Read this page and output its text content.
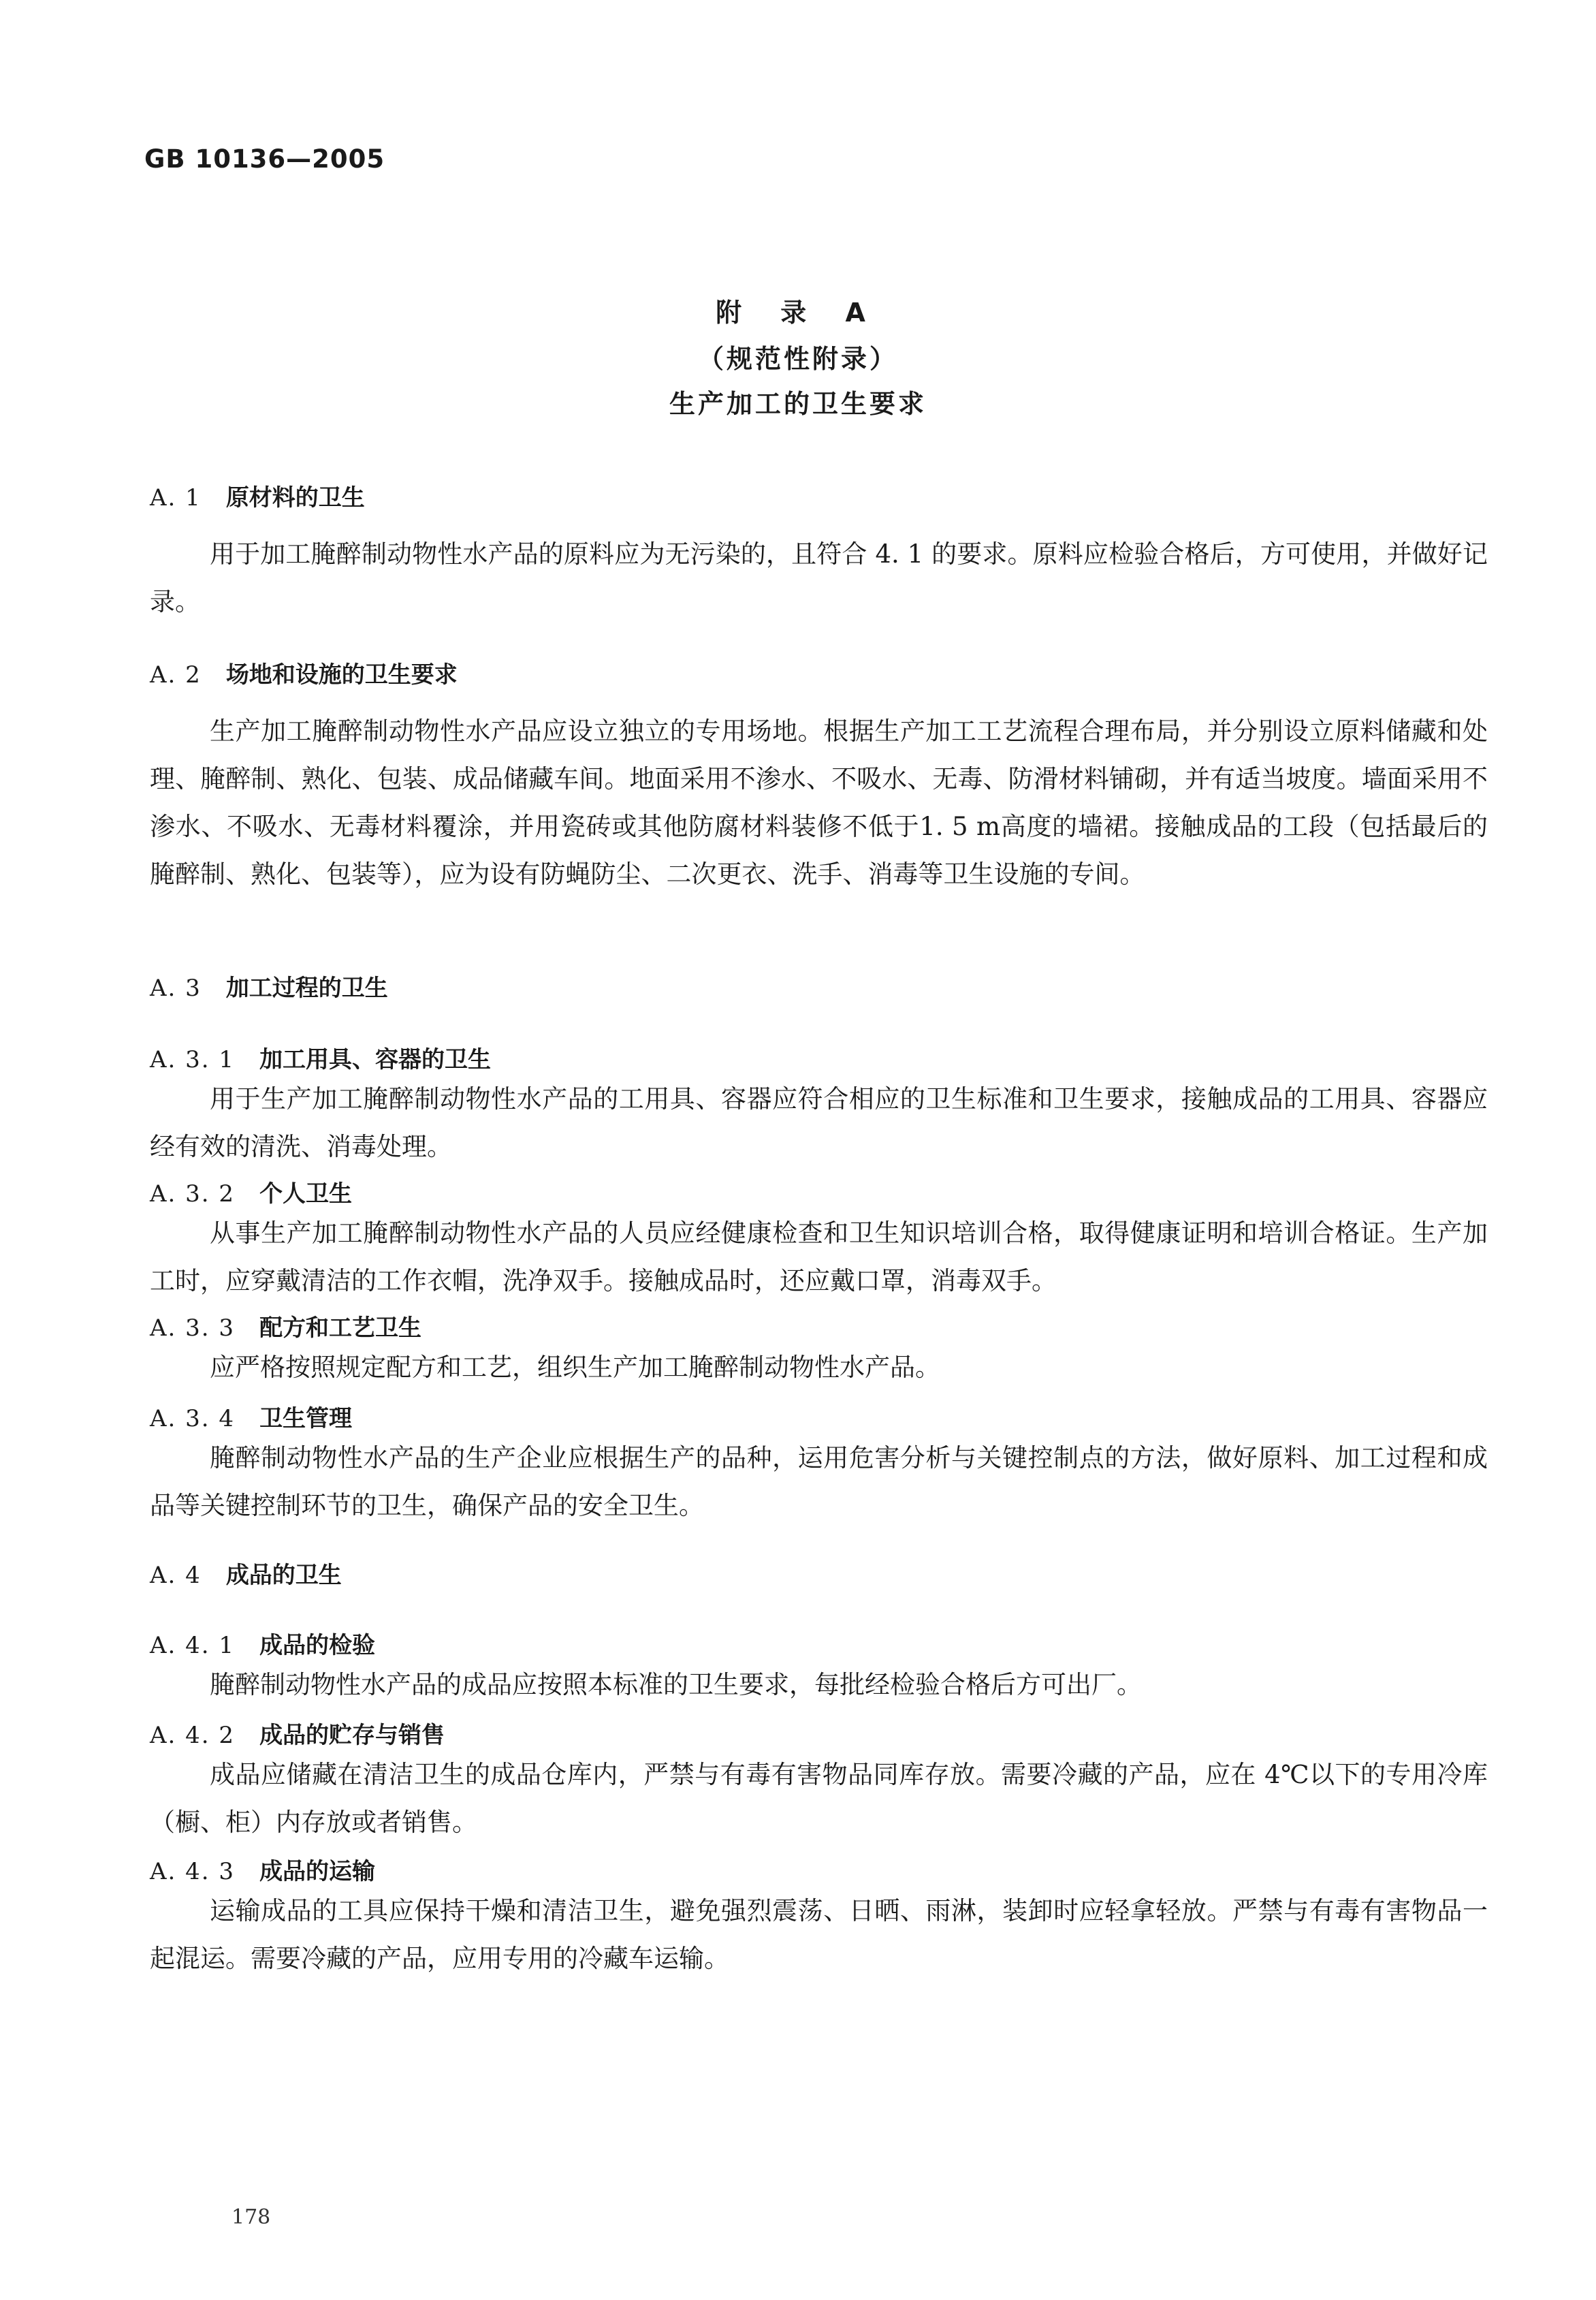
GB 10136—2005
附 录 A
（规范性附录）
生产加工的卫生要求
A. 1 原材料的卫生
用于加工腌醉制动物性水产品的原料应为无污染的，且符合 4. 1 的要求。原料应检验合格后，方可使用，并做好记录。
A. 2 场地和设施的卫生要求
生产加工腌醉制动物性水产品应设立独立的专用场地。根据生产加工工艺流程合理布局，并分别设立原料储藏和处理、腌醉制、熟化、包装、成品储藏车间。地面采用不渗水、不吸水、无毒、防滑材料铺砌，并有适当坡度。墙面采用不渗水、不吸水、无毒材料覆涂，并用瓷砖或其他防腐材料装修不低于1. 5 m高度的墙裙。接触成品的工段（包括最后的腌醉制、熟化、包装等），应为设有防蝇防尘、二次更衣、洗手、消毒等卫生设施的专间。
A. 3 加工过程的卫生
A. 3. 1 加工用具、容器的卫生
用于生产加工腌醉制动物性水产品的工用具、容器应符合相应的卫生标准和卫生要求，接触成品的工用具、容器应经有效的清洗、消毒处理。
A. 3. 2 个人卫生
从事生产加工腌醉制动物性水产品的人员应经健康检查和卫生知识培训合格，取得健康证明和培训合格证。生产加工时，应穿戴清洁的工作衣帽，洗净双手。接触成品时，还应戴口罩，消毒双手。
A. 3. 3 配方和工艺卫生
应严格按照规定配方和工艺，组织生产加工腌醉制动物性水产品。
A. 3. 4 卫生管理
腌醉制动物性水产品的生产企业应根据生产的品种，运用危害分析与关键控制点的方法，做好原料、加工过程和成品等关键控制环节的卫生，确保产品的安全卫生。
A. 4 成品的卫生
A. 4. 1 成品的检验
腌醉制动物性水产品的成品应按照本标准的卫生要求，每批经检验合格后方可出厂。
A. 4. 2 成品的贮存与销售
成品应储藏在清洁卫生的成品仓库内，严禁与有毒有害物品同库存放。需要冷藏的产品，应在 4℃以下的专用冷库（橱、柜）内存放或者销售。
A. 4. 3 成品的运输
运输成品的工具应保持干燥和清洁卫生，避免强烈震荡、日晒、雨淋，装卸时应轻拿轻放。严禁与有毒有害物品一起混运。需要冷藏的产品，应用专用的冷藏车运输。
178
